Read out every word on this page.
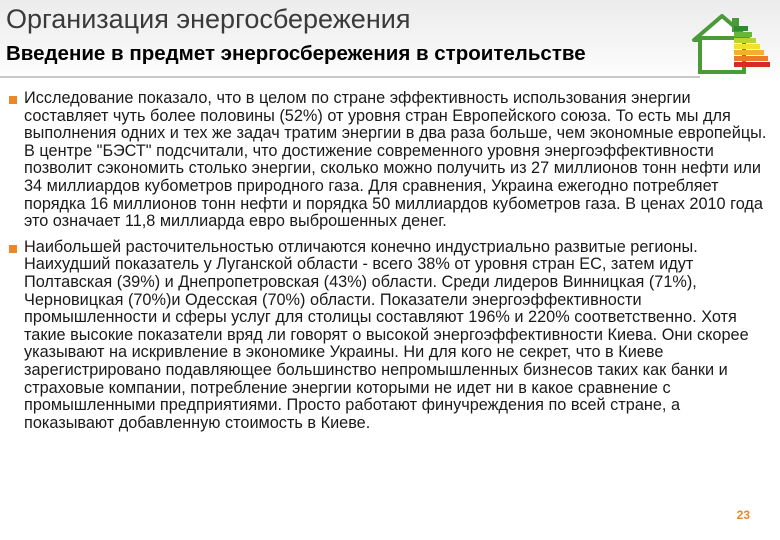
Организация энергосбережения
Введение в предмет энергосбережения в строительстве

Исследование показало, что в целом по стране эффективность использования энергии составляет чуть более половины (52%) от уровня стран Европейского союза. То есть мы для выполнения одних и тех же задач тратим энергии в два раза больше, чем экономные европейцы. В центре "БЭСТ" подсчитали, что достижение современного уровня энергоэффективности позволит сэкономить столько энергии, сколько можно получить из 27 миллионов тонн нефти или 34 миллиардов кубометров природного газа. Для сравнения, Украина ежегодно потребляет порядка 16 миллионов тонн нефти и порядка 50 миллиардов кубометров газа. В ценах 2010 года это означает 11,8 миллиарда евро выброшенных денег.

Наибольшей расточительностью отличаются конечно индустриально развитые регионы. Наихудший показатель у Луганской области - всего 38% от уровня стран ЕС, затем идут Полтавская (39%) и Днепропетровская (43%) области. Среди лидеров Винницкая (71%), Черновицкая (70%)и Одесская (70%) области. Показатели энергоэффективности промышленности и сферы услуг для столицы составляют 196% и 220% соответственно. Хотя такие высокие показатели вряд ли говорят о высокой энергоэффективности Киева. Они скорее указывают на искривление в экономике Украины. Ни для кого не секрет, что в Киеве зарегистрировано подавляющее большинство непромышленных бизнесов таких как банки и страховые компании, потребление энергии которыми не идет ни в какое сравнение с промышленными предприятиями. Просто работают финучреждения по всей стране, а показывают добавленную стоимость в Киеве.

23
